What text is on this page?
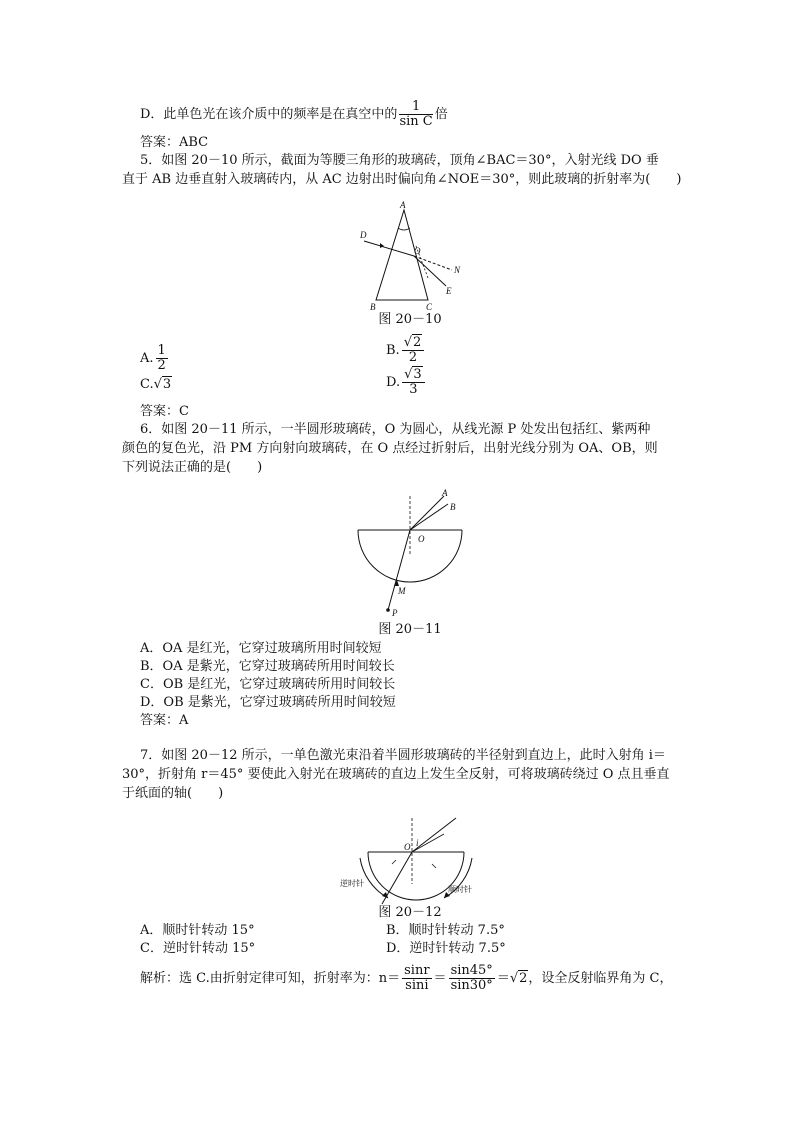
D．此单色光在该介质中的频率是在真空中的 $\frac{1}{\text{sin C}}$ 倍
答案：ABC
5．如图 20－10 所示，截面为等腰三角形的玻璃砖，顶角∠BAC＝30°，入射光线 DO 垂
直于 AB 边垂直射入玻璃砖内，从 AC 边射出时偏向角∠NOE＝30°，则此玻璃的折射率为(　　)
A
B	C
D
O
N
E
图 20－10
A. $\frac{1}{2}$	B. $\frac{√2}{2}$
C.√3	D. $\frac{√3}{3}$
答案：C
6．如图 20－11 所示，一半圆形玻璃砖，O 为圆心，从线光源 P 处发出包括红、紫两种
颜色的复色光，沿 PM 方向射向玻璃砖，在 O 点经过折射后，出射光线分别为 OA、OB，则
下列说法正确的是(　　)
A
B
O
M
P
图 20－11
A．OA 是红光，它穿过玻璃所用时间较短
B．OA 是紫光，它穿过玻璃砖所用时间较长
C．OB 是红光，它穿过玻璃砖所用时间较长
D．OB 是紫光，它穿过玻璃砖所用时间较短
答案：A
7．如图 20－12 所示，一单色激光束沿着半圆形玻璃砖的半径射到直边上，此时入射角 i＝
30°，折射角 r＝45° 要使此入射光在玻璃砖的直边上发生全反射，可将玻璃砖绕过 O 点且垂直
于纸面的轴(　　)
O i
逆时针
顺时针
图 20－12
A．顺时针转动 15°	B．顺时针转动 7.5°
C．逆时针转动 15°	D．逆时针转动 7.5°
解析：选 C.由折射定律可知，折射率为：$n= \frac{\sin r}{\sin i} = \frac{\sin 45^\circ}{\sin 30^\circ} =√2$，设全反射临界角为 C，
